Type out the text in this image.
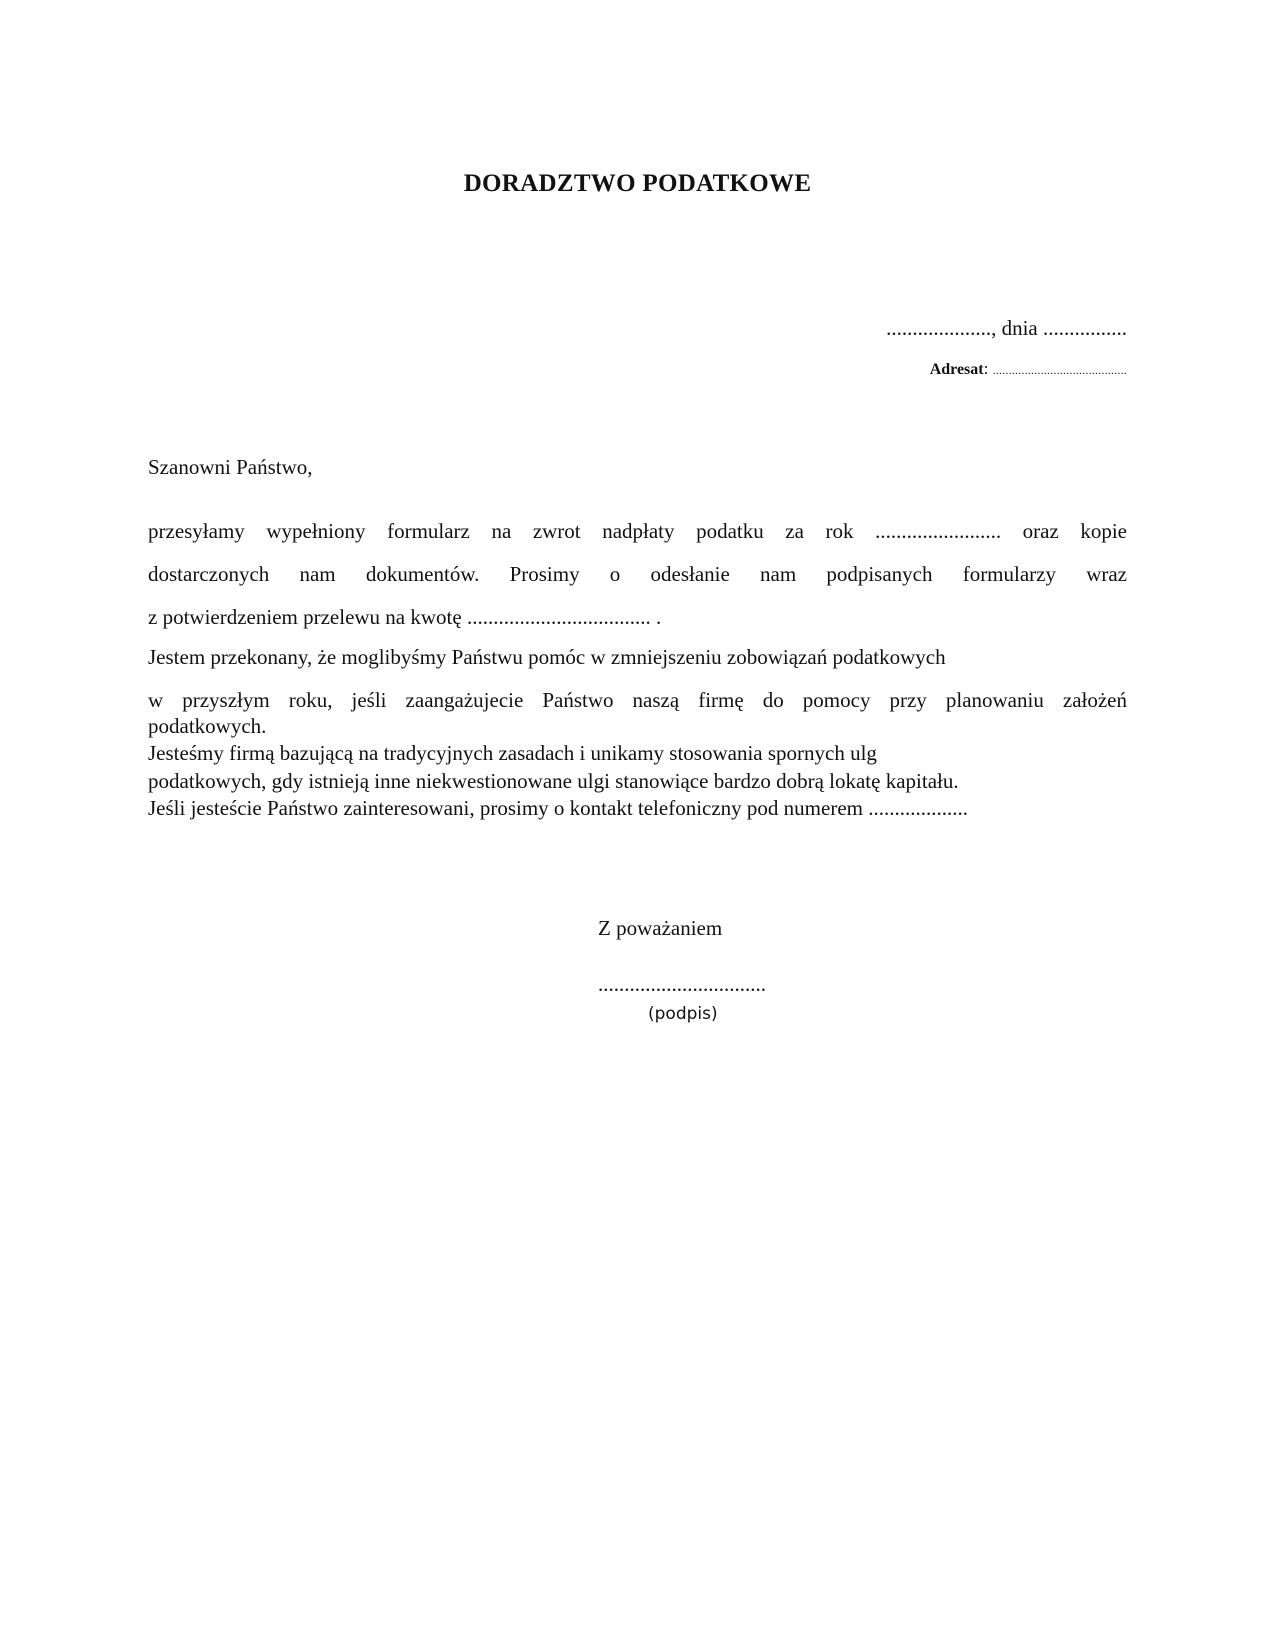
DORADZTWO PODATKOWE
...................., dnia ................
Adresat: ..........................................
Szanowni Państwo,
przesyłamy wypełniony formularz na zwrot nadpłaty podatku za rok ........................ oraz kopie
dostarczonych nam dokumentów. Prosimy o odesłanie nam podpisanych formularzy wraz
z potwierdzeniem przelewu na kwotę ................................... .
Jestem przekonany, że moglibyśmy Państwu pomóc w zmniejszeniu zobowiązań podatkowych
w przyszłym roku, jeśli zaangażujecie Państwo naszą firmę do pomocy przy planowaniu założeń
podatkowych.
Jesteśmy firmą bazującą na tradycyjnych zasadach i unikamy stosowania spornych ulg
podatkowych, gdy istnieją inne niekwestionowane ulgi stanowiące bardzo dobrą lokatę kapitału.
Jeśli jesteście Państwo zainteresowani, prosimy o kontakt telefoniczny pod numerem ...................
Z poważaniem
................................
(podpis)
